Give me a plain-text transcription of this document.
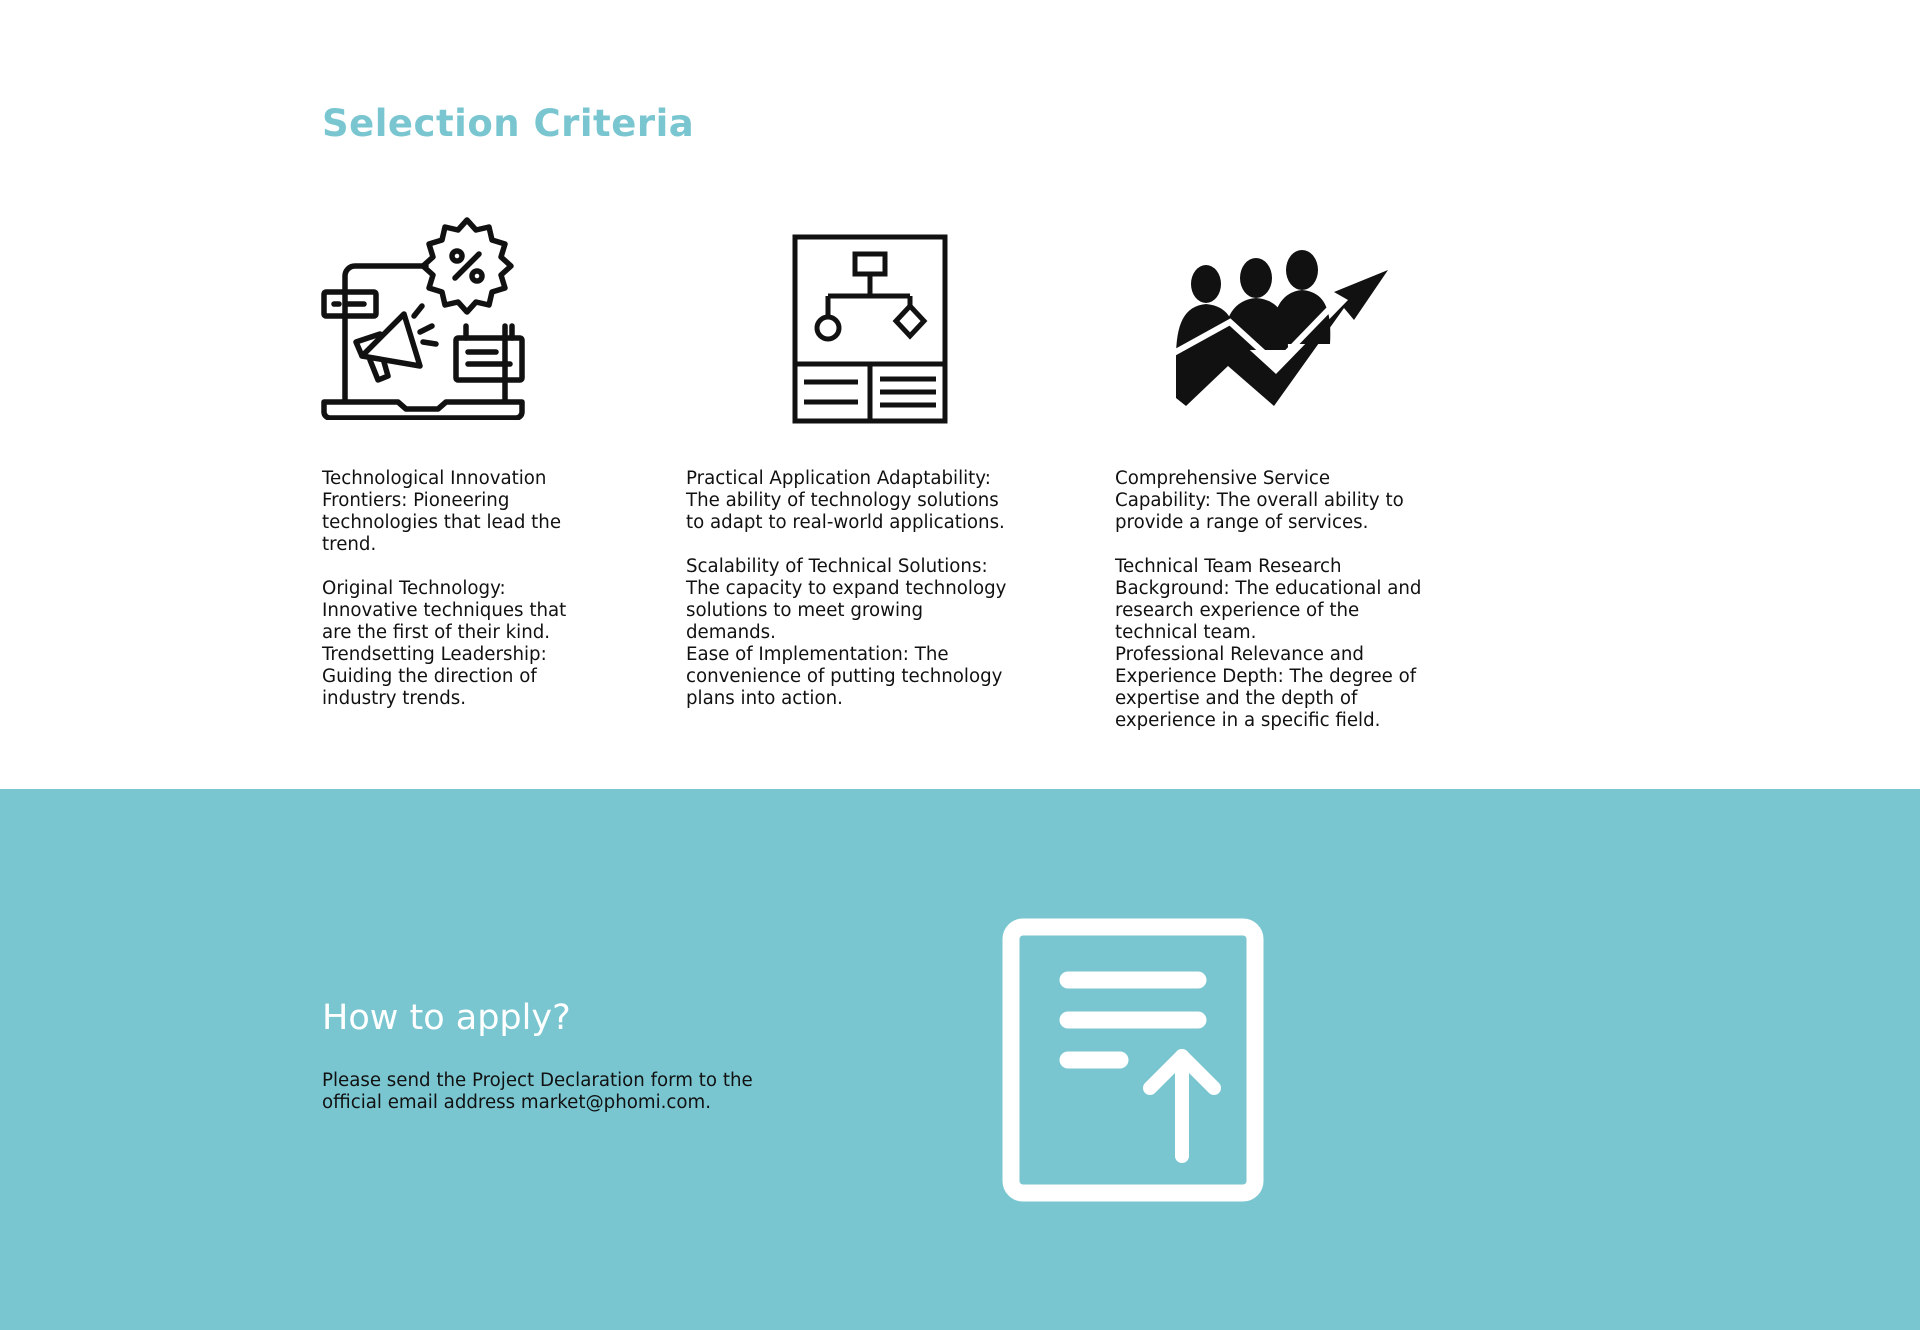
Selection Criteria

Technological Innovation
Frontiers: Pioneering
technologies that lead the
trend.

Original Technology:
Innovative techniques that
are the first of their kind.
Trendsetting Leadership:
Guiding the direction of
industry trends.

Practical Application Adaptability:
The ability of technology solutions
to adapt to real-world applications.

Scalability of Technical Solutions:
The capacity to expand technology
solutions to meet growing
demands.
Ease of Implementation: The
convenience of putting technology
plans into action.

Comprehensive Service
Capability: The overall ability to
provide a range of services.

Technical Team Research
Background: The educational and
research experience of the
technical team.
Professional Relevance and
Experience Depth: The degree of
expertise and the depth of
experience in a specific field.

How to apply?
Please send the Project Declaration form to the
official email address market@phomi.com.
